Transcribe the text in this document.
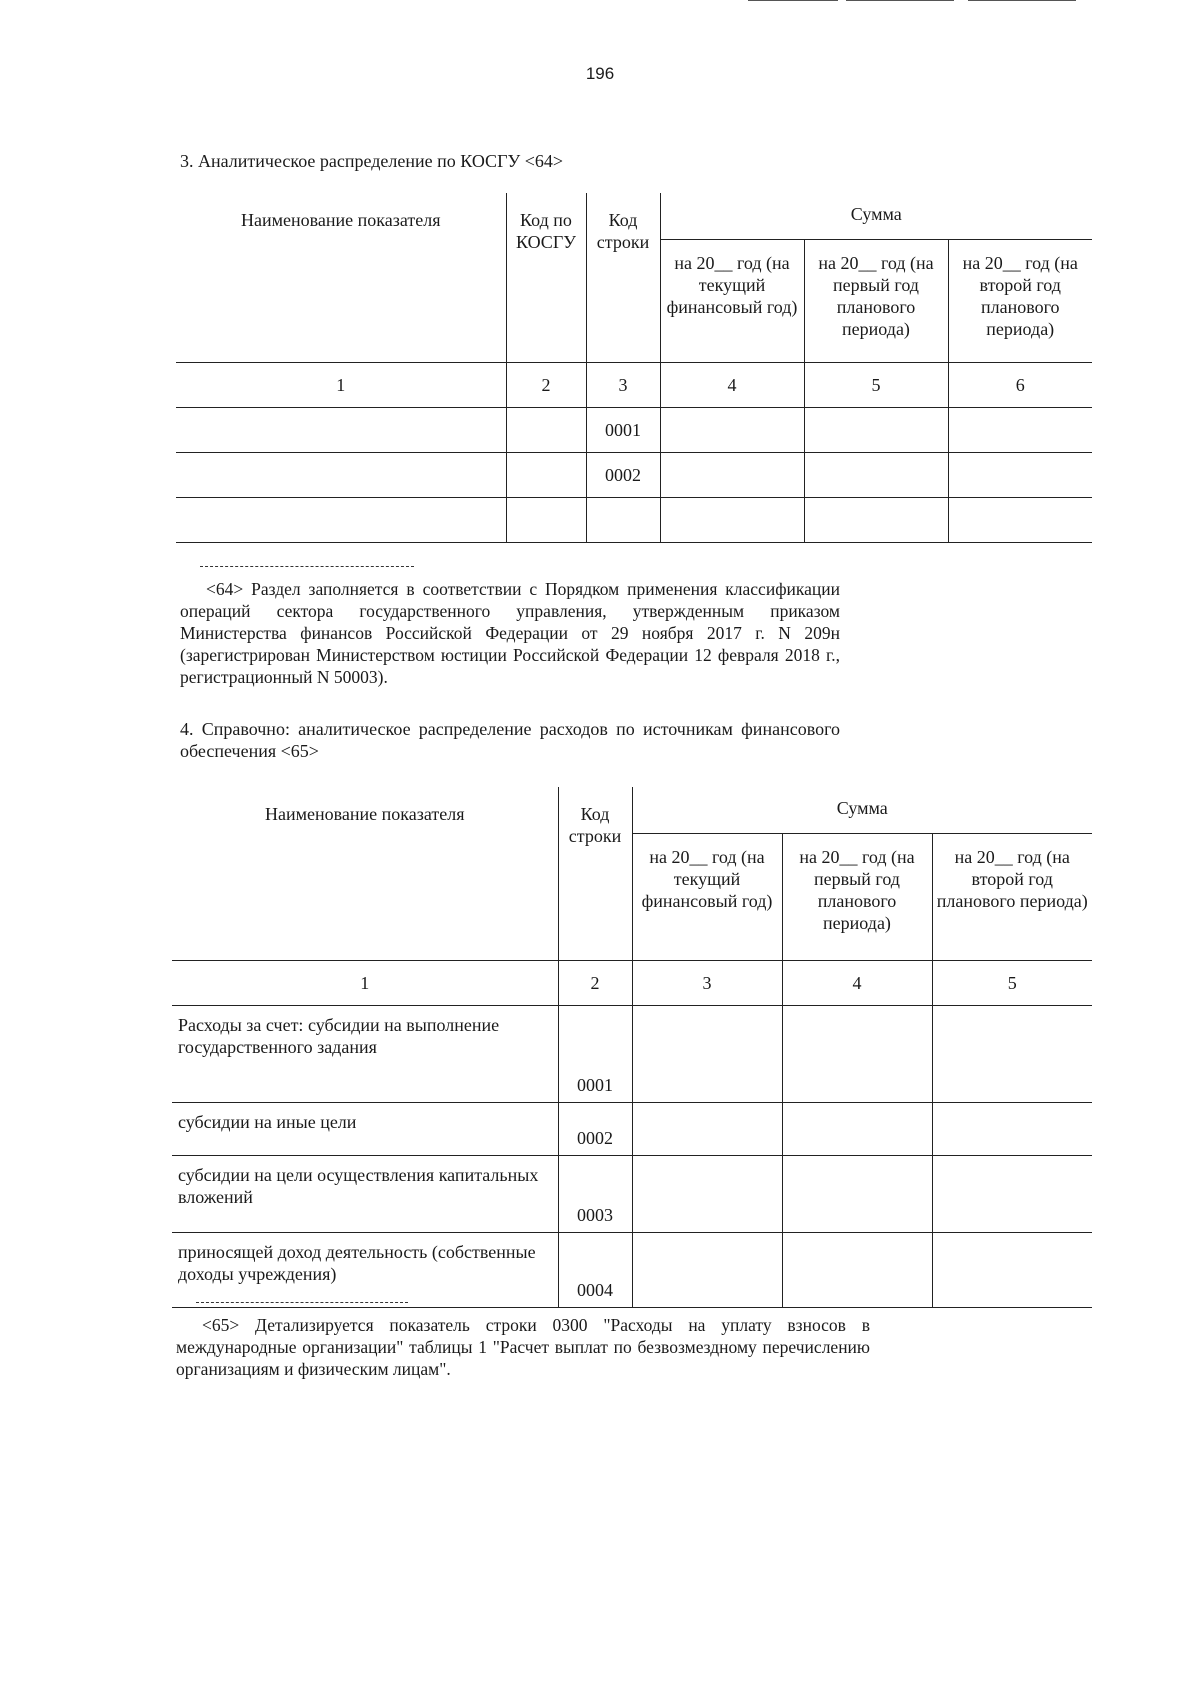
196
3. Аналитическое распределение по КОСГУ <64>
Наименование показателя	Код по КОСГУ	Код строки	Сумма		
			на 20__ год (на текущий финансовый год)	на 20__ год (на первый год планового периода)	на 20__ год (на второй год планового периода)
1	2	3	4	5	6
		0001			
		0002			

<64> Раздел заполняется в соответствии с Порядком применения классификации операций сектора государственного управления, утвержденным приказом Министерства финансов Российской Федерации от 29 ноября 2017 г. N 209н (зарегистрирован Министерством юстиции Российской Федерации 12 февраля 2018 г., регистрационный N 50003).
4. Справочно: аналитическое распределение расходов по источникам финансового обеспечения <65>
Наименование показателя	Код строки	Сумма		
		на 20__ год (на текущий финансовый год)	на 20__ год (на первый год планового периода)	на 20__ год (на второй год планового периода)
1	2	3	4	5
Расходы за счет: субсидии на выполнение государственного задания	0001			
субсидии на иные цели	0002			
субсидии на цели осуществления капитальных вложений	0003			
приносящей доход деятельность (собственные доходы учреждения)	0004			
<65> Детализируется показатель строки 0300 "Расходы на уплату взносов в международные организации" таблицы 1 "Расчет выплат по безвозмездному перечислению организациям и физическим лицам".
